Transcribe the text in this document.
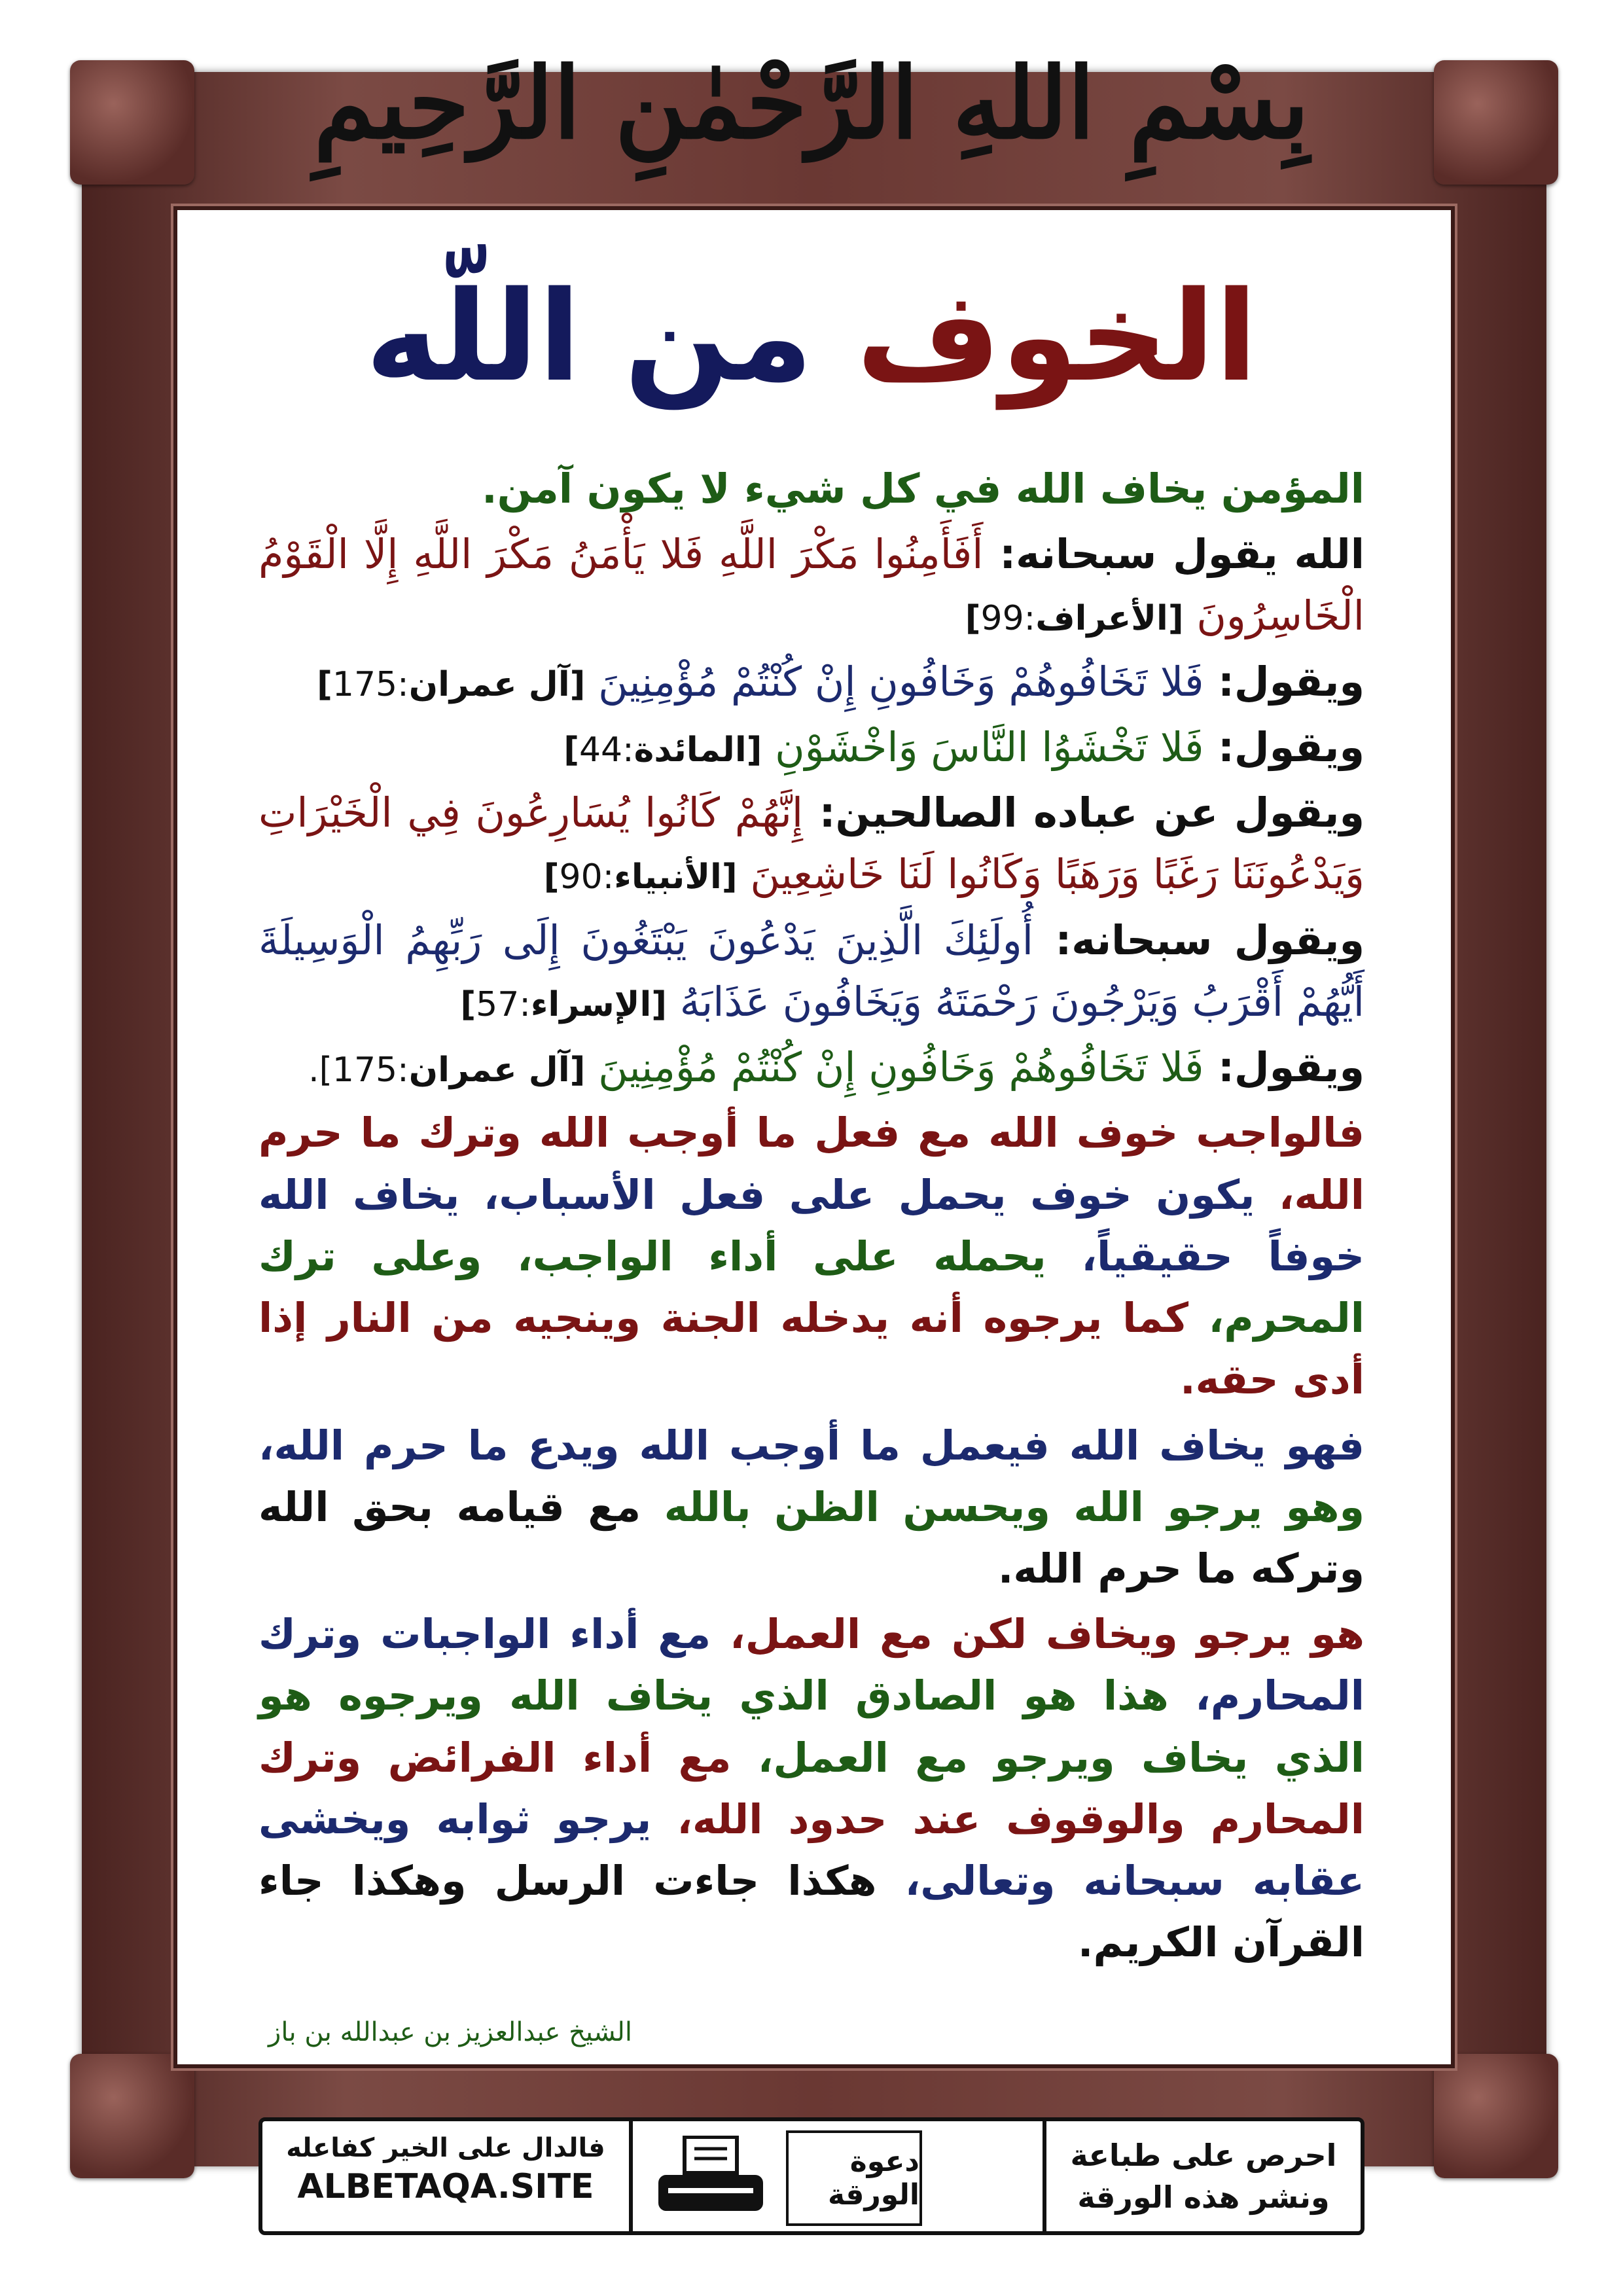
بِسْمِ اللهِ الرَّحْمٰنِ الرَّحِيمِ
الخوف من اللّه

المؤمن يخاف الله في كل شيء لا يكون آمن.

الله يقول سبحانه: أَفَأَمِنُوا مَكْرَ اللَّهِ فَلا يَأْمَنُ مَكْرَ اللَّهِ إِلَّا الْقَوْمُ الْخَاسِرُونَ [الأعراف:99]

ويقول: فَلا تَخَافُوهُمْ وَخَافُونِ إِنْ كُنْتُمْ مُؤْمِنِينَ [آل عمران:175]

ويقول: فَلا تَخْشَوُا النَّاسَ وَاخْشَوْنِ [المائدة:44]

ويقول عن عباده الصالحين: إِنَّهُمْ كَانُوا يُسَارِعُونَ فِي الْخَيْرَاتِ وَيَدْعُونَنَا رَغَبًا وَرَهَبًا وَكَانُوا لَنَا خَاشِعِينَ [الأنبياء:90]

ويقول سبحانه: أُولَئِكَ الَّذِينَ يَدْعُونَ يَبْتَغُونَ إِلَى رَبِّهِمُ الْوَسِيلَةَ أَيُّهُمْ أَقْرَبُ وَيَرْجُونَ رَحْمَتَهُ وَيَخَافُونَ عَذَابَهُ [الإسراء:57]

ويقول: فَلا تَخَافُوهُمْ وَخَافُونِ إِنْ كُنْتُمْ مُؤْمِنِينَ [آل عمران:175].

فالواجب خوف الله مع فعل ما أوجب الله وترك ما حرم الله، يكون خوف يحمل على فعل الأسباب، يخاف الله خوفاً حقيقياً، يحمله على أداء الواجب، وعلى ترك المحرم، كما يرجوه أنه يدخله الجنة وينجيه من النار إذا أدى حقه.

فهو يخاف الله فيعمل ما أوجب الله ويدع ما حرم الله، وهو يرجو الله ويحسن الظن بالله مع قيامه بحق الله وتركه ما حرم الله.

هو يرجو ويخاف لكن مع العمل، مع أداء الواجبات وترك المحارم، هذا هو الصادق الذي يخاف الله ويرجوه هو الذي يخاف ويرجو مع العمل، مع أداء الفرائض وترك المحارم والوقوف عند حدود الله، يرجو ثوابه ويخشى عقابه سبحانه وتعالى، هكذا جاءت الرسل وهكذا جاء القرآن الكريم.

الشيخ عبدالعزيز بن عبدالله بن باز
احرص على طباعة
ونشر هذه الورقة
دعوة الورقة
فالدال على الخير كفاعله
ALBETAQA.SITE
